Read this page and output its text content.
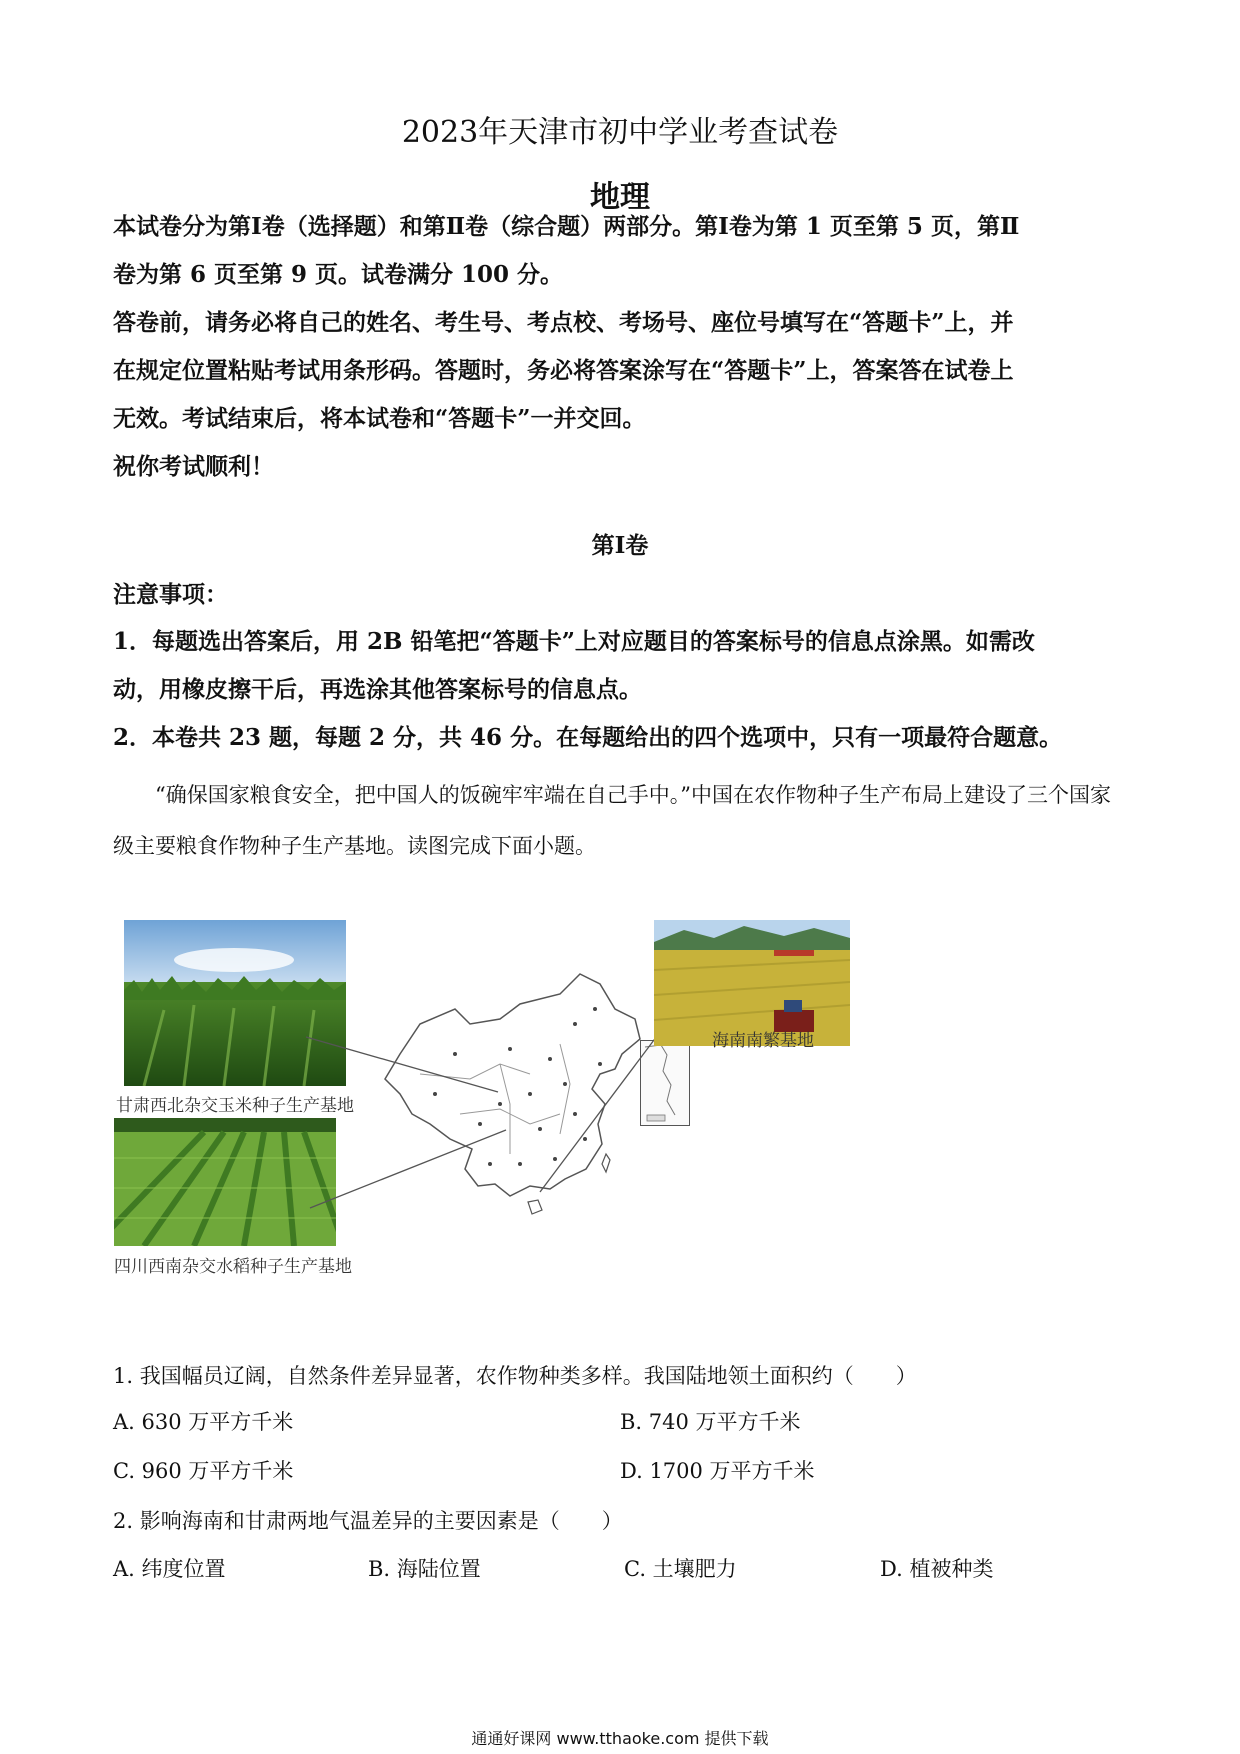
2023年天津市初中学业考查试卷
地理
本试卷分为第Ⅰ卷（选择题）和第Ⅱ卷（综合题）两部分。第Ⅰ卷为第 1 页至第 5 页，第Ⅱ
卷为第 6 页至第 9 页。试卷满分 100 分。
答卷前，请务必将自己的姓名、考生号、考点校、考场号、座位号填写在“答题卡”上，并
在规定位置粘贴考试用条形码。答题时，务必将答案涂写在“答题卡”上，答案答在试卷上
无效。考试结束后，将本试卷和“答题卡”一并交回。
祝你考试顺利！
第Ⅰ卷
注意事项：
1．每题选出答案后，用 2B 铅笔把“答题卡”上对应题目的答案标号的信息点涂黑。如需改
动，用橡皮擦干后，再选涂其他答案标号的信息点。
2．本卷共 23 题，每题 2 分，共 46 分。在每题给出的四个选项中，只有一项最符合题意。
“确保国家粮食安全，把中国人的饭碗牢牢端在自己手中。”中国在农作物种子生产布局上建设了三个国家级主要粮食作物种子生产基地。读图完成下面小题。
甘肃西北杂交玉米种子生产基地
四川西南杂交水稻种子生产基地
海南南繁基地
1. 我国幅员辽阔，自然条件差异显著，农作物种类多样。我国陆地领土面积约（　　）
A. 630 万平方千米	B. 740 万平方千米
C. 960 万平方千米	D. 1700 万平方千米
2. 影响海南和甘肃两地气温差异的主要因素是（　　）
A. 纬度位置	B. 海陆位置	C. 土壤肥力	D. 植被种类
通通好课网 www.tthaoke.com 提供下载
